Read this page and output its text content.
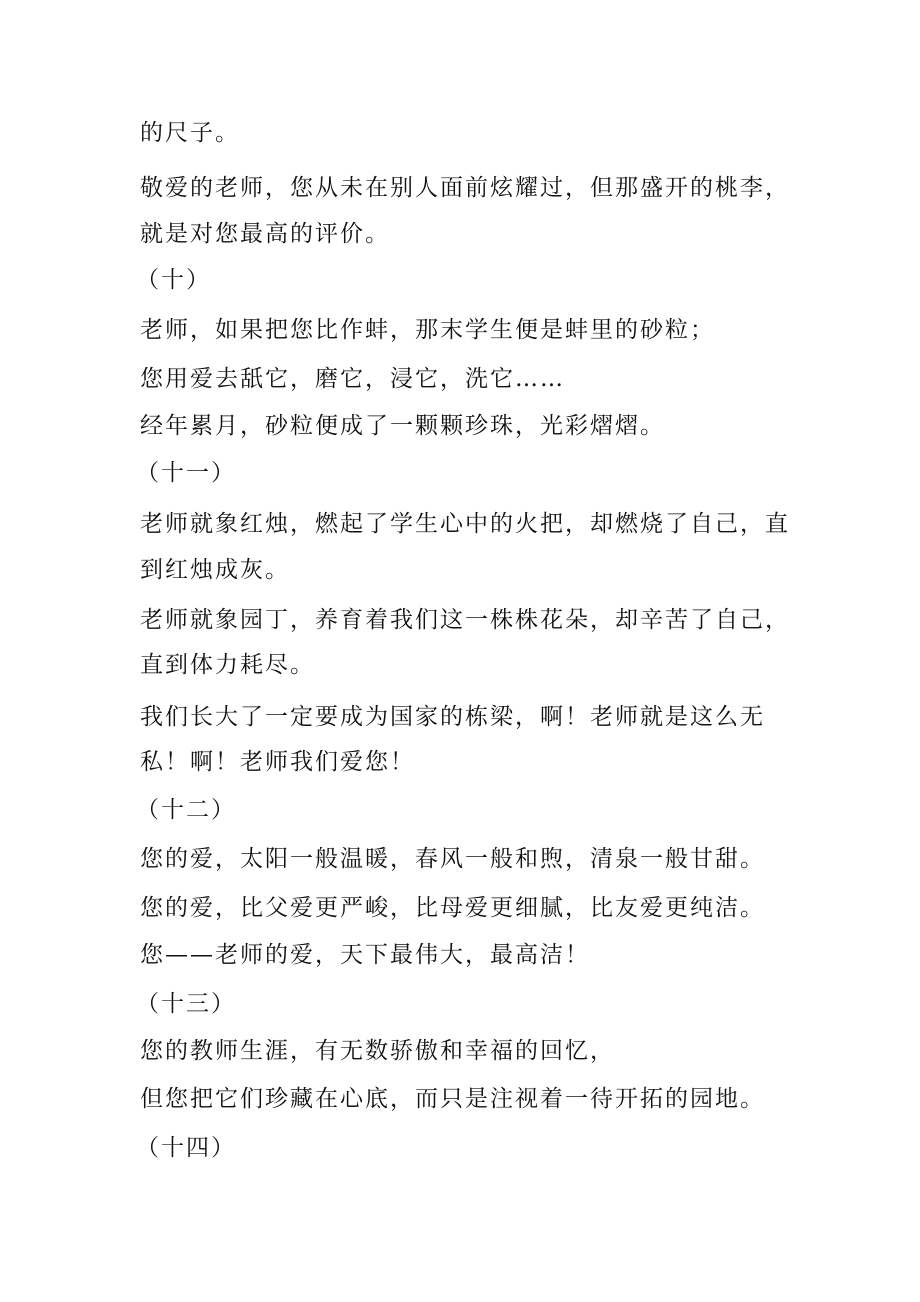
的尺子。
敬爱的老师，您从未在别人面前炫耀过，但那盛开的桃李，
就是对您最高的评价。
（十）
老师，如果把您比作蚌，那末学生便是蚌里的砂粒；
您用爱去舐它，磨它，浸它，洗它……
经年累月，砂粒便成了一颗颗珍珠，光彩熠熠。
（十一）
老师就象红烛，燃起了学生心中的火把，却燃烧了自己，直
到红烛成灰。
老师就象园丁，养育着我们这一株株花朵，却辛苦了自己，
直到体力耗尽。
我们长大了一定要成为国家的栋梁，啊！老师就是这么无
私！啊！老师我们爱您！
（十二）
您的爱，太阳一般温暖，春风一般和煦，清泉一般甘甜。
您的爱，比父爱更严峻，比母爱更细腻，比友爱更纯洁。
您——老师的爱，天下最伟大，最高洁！
（十三）
您的教师生涯，有无数骄傲和幸福的回忆，
但您把它们珍藏在心底，而只是注视着一待开拓的园地。
（十四）
